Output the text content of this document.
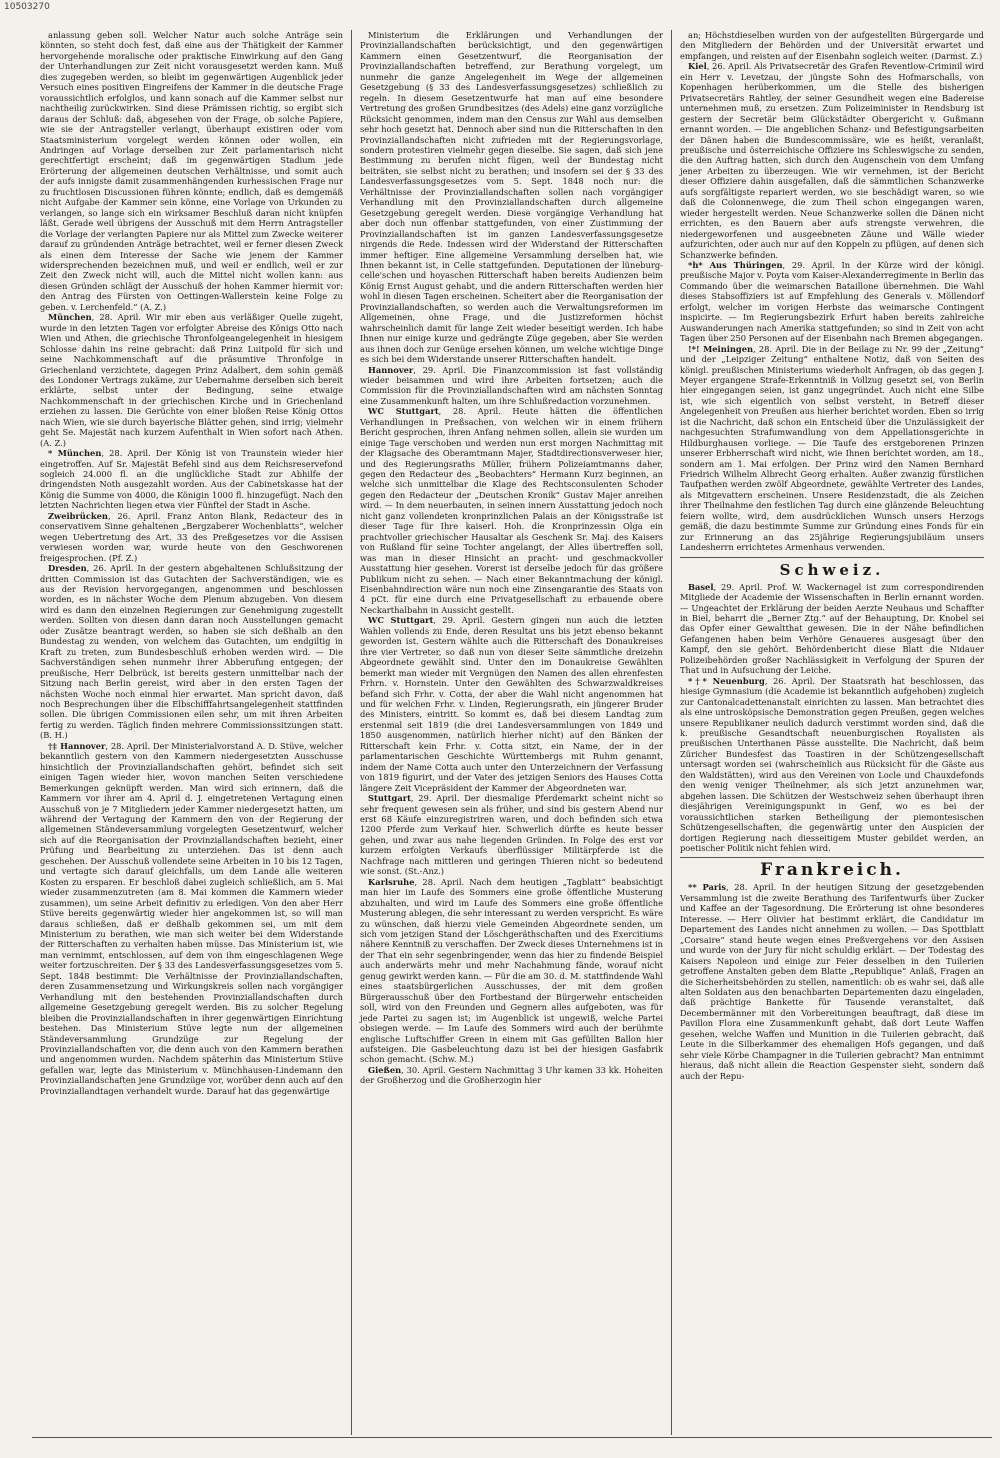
10503270

anlassung geben soll. Welcher Natur auch solche Anträge sein könnten, so steht doch fest, daß eine aus der Thätigkeit der Kammer hervorgehende moralische oder praktische Einwirkung auf den Gang der Unterhandlungen zur Zeit nicht vorausgesetzt werden kann. Muß dies zugegeben werden, so bleibt im gegenwärtigen Augenblick jeder Versuch eines positiven Eingreifens der Kammer in die deutsche Frage voraussichtlich erfolglos, und kann sonach auf die Kammer selbst nur nachtheilig zurückwirken. Sind diese Prämissen richtig, so ergibt sich daraus der Schluß: daß, abgesehen von der Frage, ob solche Papiere, wie sie der Antragsteller verlangt, überhaupt existiren oder vom Staatsministerium vorgelegt werden können oder wollen, ein Andringen auf Vorlage derselben zur Zeit parlamentarisch nicht gerechtfertigt erscheint; daß im gegenwärtigen Stadium jede Erörterung der allgemeinen deutschen Verhältnisse, und somit auch der aufs innigste damit zusammenhängenden kurhessischen Frage nur zu fruchtlosen Discussionen führen könnte; endlich, daß es demgemäß nicht Aufgabe der Kammer sein könne, eine Vorlage von Urkunden zu verlangen, so lange sich ein wirksamer Beschluß daran nicht knüpfen läßt. Gerade weil übrigens der Ausschuß mit dem Herrn Antragsteller die Vorlage der verlangten Papiere nur als Mittel zum Zwecke weiterer darauf zu gründenden Anträge betrachtet, weil er ferner diesen Zweck als einen dem Interesse der Sache wie jenem der Kammer widersprechenden bezeichnen muß, und weil er endlich, weil er zur Zeit den Zweck nicht will, auch die Mittel nicht wollen kann: aus diesen Gründen schlägt der Ausschuß der hohen Kammer hiermit vor: den Antrag des Fürsten von Oettingen-Wallerstein keine Folge zu geben. v. Lerchenfeld.“ (A. Z.)

München, 28. April. Wir mir eben aus verläßiger Quelle zugeht, wurde in den letzten Tagen vor erfolgter Abreise des Königs Otto nach Wien und Athen, die griechische Thronfolgeangelegenheit in hiesigem Schlosse dahin ins reine gebracht: daß Prinz Luitpold für sich und seine Nachkommenschaft auf die präsumtive Thronfolge in Griechenland verzichtete, dagegen Prinz Adalbert, dem sohin gemäß des Londoner Vertrags zukäme, zur Uebernahme derselben sich bereit erklärte, selbst unter der Bedingung, seine etwaige Nachkommenschaft in der griechischen Kirche und in Griechenland erziehen zu lassen. Die Gerüchte von einer bloßen Reise König Ottos nach Wien, wie sie durch bayerische Blätter gehen, sind irrig; vielmehr geht Se. Majestät nach kurzem Aufenthalt in Wien sofort nach Athen. (A. Z.)

* München, 28. April. Der König ist von Traunstein wieder hier eingetroffen. Auf Sr. Majestät Befehl sind aus dem Reichsreservefond sogleich 24.000 fl. an die unglückliche Stadt zur Abhilfe der dringendsten Noth ausgezahlt worden. Aus der Cabinetskasse hat der König die Summe von 4000, die Königin 1000 fl. hinzugefügt. Nach den letzten Nachrichten liegen etwa vier Fünftel der Stadt in Asche.

Zweibrücken, 26. April. Franz Anton Blank, Redacteur des in conservativem Sinne gehaltenen „Bergzaberer Wochenblatts“, welcher wegen Uebertretung des Art. 33 des Preßgesetzes vor die Assisen verwiesen worden war, wurde heute von den Geschworenen freigesprochen. (Pf. Z.)

Dresden, 26. April. In der gestern abgehaltenen Schlußsitzung der dritten Commission ist das Gutachten der Sachverständigen, wie es aus der Revision hervorgegangen, angenommen und beschlossen worden, es in nächster Woche dem Plenum abzugeben. Von diesem wird es dann den einzelnen Regierungen zur Genehmigung zugestellt werden. Sollten von diesen dann daran noch Ausstellungen gemacht oder Zusätze beantragt werden, so haben sie sich deßhalb an den Bundestag zu wenden, von welchem das Gutachten, um endgiltig in Kraft zu treten, zum Bundesbeschluß erhoben werden wird. — Die Sachverständigen sehen nunmehr ihrer Abberufung entgegen; der preußische, Herr Delbrück, ist bereits gestern unmittelbar nach der Sitzung nach Berlin gereist, wird aber in den ersten Tagen der nächsten Woche noch einmal hier erwartet. Man spricht davon, daß noch Besprechungen über die Elbschifffahrtsangelegenheit stattfinden sollen. Die übrigen Commissionen eilen sehr, um mit ihren Arbeiten fertig zu werden. Täglich finden mehrere Commissionssitzungen statt. (B. H.)

†‡ Hannover, 28. April. Der Ministerialvorstand A. D. Stüve, welcher bekanntlich gestern von den Kammern niedergesetzten Ausschusse hinsichtlich der Provinziallandschaften gehört, befindet sich seit einigen Tagen wieder hier, wovon manchen Seiten verschiedene Bemerkungen geknüpft werden. Man wird sich erinnern, daß die Kammern vor ihrer am 4. April d. J. eingetretenen Vertagung einen Ausschuß von je 7 Mitgliedern jeder Kammer niedergesetzt hatten, um während der Vertagung der Kammern den von der Regierung der allgemeinen Ständeversammlung vorgelegten Gesetzentwurf, welcher sich auf die Reorganisation der Provinziallandschaften bezieht, einer Prüfung und Bearbeitung zu unterziehen. Das ist denn auch geschehen. Der Ausschuß vollendete seine Arbeiten in 10 bis 12 Tagen, und vertagte sich darauf gleichfalls, um dem Lande alle weiteren Kosten zu ersparen. Er beschloß dabei zugleich schließlich, am 5. Mai wieder zusammenzutreten (am 8. Mai kommen die Kammern wieder zusammen), um seine Arbeit definitiv zu erledigen. Von den aber Herr Stüve bereits gegenwärtig wieder hier angekommen ist, so will man daraus schließen, daß er deßhalb gekommen sei, um mit dem Ministerium zu berathen, wie man sich weiter bei dem Widerstande der Ritterschaften zu verhalten haben müsse. Das Ministerium ist, wie man vernimmt, entschlossen, auf dem von ihm eingeschlagenen Wege weiter fortzuschreiten. Der § 33 des Landesverfassungsgesetzes vom 5. Sept. 1848 bestimmt: Die Verhältnisse der Provinziallandschaften, deren Zusammensetzung und Wirkungskreis sollen nach vorgängiger Verhandlung mit den bestehenden Provinziallandschaften durch allgemeine Gesetzgebung geregelt werden. Bis zu solcher Regelung bleiben die Provinziallandschaften in ihrer gegenwärtigen Einrichtung bestehen. Das Ministerium Stüve legte nun der allgemeinen Ständeversammlung Grundzüge zur Regelung der Provinziallandschaften vor, die denn auch von den Kammern berathen und angenommen wurden. Nachdem späterhin das Ministerium Stüve gefallen war, legte das Ministerium v. Münchhausen-Lindemann den Provinziallandschaften jene Grundzüge vor, worüber denn auch auf den Provinziallandtagen verhandelt wurde. Darauf hat das gegenwärtige

Ministerium die Erklärungen und Verhandlungen der Provinziallandschaften berücksichtigt, und den gegenwärtigen Kammern einen Gesetzentwurf, die Reorganisation der Provinziallandschaften betreffend, zur Berathung vorgelegt, um nunmehr die ganze Angelegenheit im Wege der allgemeinen Gesetzgebung (§ 33 des Landesverfassungsgesetzes) schließlich zu regeln. In diesem Gesetzentwurfe hat man auf eine besondere Vertretung des großen Grundbesitzes (des Adels) eine ganz vorzügliche Rücksicht genommen, indem man den Census zur Wahl aus demselben sehr hoch gesetzt hat. Dennoch aber sind nun die Ritterschaften in den Provinziallandschaften nicht zufrieden mit der Regierungsvorlage, sondern protestiren vielmehr gegen dieselbe. Sie sagen, daß sich jene Bestimmung zu berufen nicht fügen, weil der Bundestag nicht beiträten, sie selbst nicht zu berathen; und insofern sei der § 33 des Landesverfassungsgesetzes vom 5. Sept. 1848 noch nur: die Verhältnisse der Provinziallandschaften sollen nach vorgängiger Verhandlung mit den Provinziallandschaften durch allgemeine Gesetzgebung geregelt werden. Diese vorgängige Verhandlung hat aber doch nun offenbar stattgefunden, von einer Zustimmung der Provinziallandschaften ist im ganzen Landesverfassungsgesetze nirgends die Rede. Indessen wird der Widerstand der Ritterschaften immer heftiger. Eine allgemeine Versammlung derselben hat, wie Ihnen bekannt ist, in Celle stattgefunden. Deputationen der lüneburg-celle'schen und hoyaschen Ritterschaft haben bereits Audienzen beim König Ernst August gehabt, und die andern Ritterschaften werden hier wohl in diesen Tagen erscheinen. Scheitert aber die Reorganisation der Provinziallandschaften, so werden auch die Verwaltungsreformen im Allgemeinen, ohne Frage, und die Justizreformen höchst wahrscheinlich damit für lange Zeit wieder beseitigt werden. Ich habe Ihnen nur einige kurze und gedrängte Züge gegeben, aber Sie werden aus ihnen doch zur Genüge ersehen können, um welche wichtige Dinge es sich bei dem Widerstande unserer Ritterschaften handelt.

Hannover, 29. April. Die Finanzcommission ist fast vollständig wieder beisammen und wird ihre Arbeiten fortsetzen; auch die Commission für die Provinziallandschaften wird am nächsten Sonntag eine Zusammenkunft halten, um ihre Schlußredaction vorzunehmen.

WC Stuttgart, 28. April. Heute hätten die öffentlichen Verhandlungen in Preßsachen, von welchen wir in einem frühern Bericht gesprochen, ihren Anfang nehmen sollen, allein sie wurden um einige Tage verschoben und werden nun erst morgen Nachmittag mit der Klagsache des Oberamtmann Majer, Stadtdirectionsverweser hier, und des Regierungsraths Müller, frühern Polizeiamtmanns daher, gegen den Redacteur des „Beobachters“ Hermann Kurz beginnen, an welche sich unmittelbar die Klage des Rechtsconsulenten Schoder gegen den Redacteur der „Deutschen Kronik“ Gustav Majer anreihen wird. — In dem neuerbauten, in seinen innern Ausstattung jedoch noch nicht ganz vollendeten kronprinzlichen Palais an der Königsstraße ist dieser Tage für Ihre kaiserl. Hoh. die Kronprinzessin Olga ein prachtvoller griechischer Hausaltar als Geschenk Sr. Maj. des Kaisers von Rußland für seine Tochter angelangt, der Alles übertreffen soll, was man in dieser Hinsicht an pracht- und geschmackvoller Ausstattung hier gesehen. Vorerst ist derselbe jedoch für das größere Publikum nicht zu sehen. — Nach einer Bekanntmachung der königl. Eisenbahndirection wäre nun noch eine Zinsengarantie des Staats von 4 pCt. für eine durch eine Privatgesellschaft zu erbauende obere Neckarthalbahn in Aussicht gestellt.

WC Stuttgart, 29. April. Gestern gingen nun auch die letzten Wahlen vollends zu Ende, deren Resultat uns bis jetzt ebenso bekannt geworden ist. Gestern wählte auch die Ritterschaft des Donaukreises ihre vier Vertreter, so daß nun von dieser Seite sämmtliche dreizehn Abgeordnete gewählt sind. Unter den im Donaukreise Gewählten bemerkt man wieder mit Vergnügen den Namen des allen ehrenfesten Frhrn. v. Hornstein. Unter den Gewählten des Schwarzwaldkreises befand sich Frhr. v. Cotta, der aber die Wahl nicht angenommen hat und für welchen Frhr. v. Linden, Regierungsrath, ein jüngerer Bruder des Ministers, eintritt. So kommt es, daß bei diesem Landtag zum erstenmal seit 1819 (die drei Landesversammlungen von 1849 und 1850 ausgenommen, natürlich hierher nicht) auf den Bänken der Ritterschaft kein Frhr. v. Cotta sitzt, ein Name, der in der parlamentarischen Geschichte Württembergs mit Ruhm genannt, indem der Name Cotta auch unter den Unterzeichnern der Verfassung von 1819 figurirt, und der Vater des jetzigen Seniors des Hauses Cotta längere Zeit Vicepräsident der Kammer der Abgeordneten war.

Stuttgart, 29. April. Der diesmalige Pferdemarkt scheint nicht so sehr frequent gewesen sein als früher, und sind bis gestern Abend nur erst 68 Käufe einzuregistriren waren, und doch befinden sich etwa 1200 Pferde zum Verkauf hier. Schwerlich dürfte es heute besser gehen, und zwar aus nahe liegenden Gründen. In Folge des erst vor kurzem erfolgten Verkaufs überflüssiger Militärpferde ist die Nachfrage nach mittleren und geringen Thieren nicht so bedeutend wie sonst. (St.-Anz.)

Karlsruhe, 28. April. Nach dem heutigen „Tagblatt“ beabsichtigt man hier im Laufe des Sommers eine große öffentliche Musterung abzuhalten, und wird im Laufe des Sommers eine große öffentliche Musterung ablegen, die sehr interessant zu werden verspricht. Es wäre zu wünschen, daß hierzu viele Gemeinden Abgeordnete senden, um sich vom jetzigen Stand der Löschgeräthschaften und des Exercitiums nähere Kenntniß zu verschaffen. Der Zweck dieses Unternehmens ist in der That ein sehr segenbringender, wenn das hier zu findende Beispiel auch anderwärts mehr und mehr Nachahmung fände, worauf nicht genug gewirkt werden kann. — Für die am 30. d. M. stattfindende Wahl eines staatsbürgerlichen Ausschusses, der mit dem großen Bürgerausschuß über den Fortbestand der Bürgerwehr entscheiden soll, wird von den Freunden und Gegnern alles aufgeboten, was für jede Partei zu sagen ist; im Augenblick ist ungewiß, welche Partei obsiegen werde. — Im Laufe des Sommers wird auch der berühmte englische Luftschiffer Green in einem mit Gas gefüllten Ballon hier aufsteigen. Die Gasbeleuchtung dazu ist bei der hiesigen Gasfabrik schon gemacht. (Schw. M.)

Gießen, 30. April. Gestern Nachmittag 3 Uhr kamen 33 kk. Hoheiten der Großherzog und die Großherzogin hier

an; Höchstdieselben wurden von der aufgestellten Bürgergarde und den Mitgliedern der Behörden und der Universität erwartet und empfangen, und reisten auf der Eisenbahn sogleich weiter. (Darmst. Z.)

Kiel, 26. April. Als Privatsecretär des Grafen Reventlow-Criminil wird ein Herr v. Levetzau, der jüngste Sohn des Hofmarschalls, von Kopenhagen herüberkommen, um die Stelle des bisherigen Privatsecretärs Rahtley, der seiner Gesundheit wegen eine Badereise unternehmen muß, zu ersetzen. Zum Polizeiminister in Rendsburg ist gestern der Secretär beim Glückstädter Obergericht v. Gußmann ernannt worden. — Die angeblichen Schanz- und Befestigungsarbeiten der Dänen haben die Bundescommissäre, wie es heißt, veranlaßt, preußische und österreichische Offiziere ins Schleswigsche zu senden, die den Auftrag hatten, sich durch den Augenschein von dem Umfang jener Arbeiten zu überzeugen. Wie wir vernehmen, ist der Bericht dieser Offiziere dahin ausgefallen, daß die sämmtlichen Schanzwerke aufs sorgfältigste repariert werden, wo sie beschädigt waren, so wie daß die Colonnenwege, die zum Theil schon eingegangen waren, wieder hergestellt werden. Neue Schanzwerke sollen die Dänen nicht errichten, es den Bauern aber aufs strengste verwehren, die niedergeworfenen und ausgeebneten Zäune und Wälle wieder aufzurichten, oder auch nur auf den Koppeln zu pflügen, auf denen sich Schanzwerke befinden.

*h* Aus Thüringen, 29. April. In der Kürze wird der königl. preußische Major v. Poyta vom Kaiser-Alexanderregimente in Berlin das Commando über die weimarschen Bataillone übernehmen. Die Wahl dieses Stabsoffiziers ist auf Empfehlung des Generals v. Möllendorf erfolgt, welcher im vorigen Herbste das weimarsche Contingent inspicirte. — Im Regierungsbezirk Erfurt haben bereits zahlreiche Auswanderungen nach Amerika stattgefunden; so sind in Zeit von acht Tagen über 250 Personen auf der Eisenbahn nach Bremen abgegangen.

!*! Meiningen, 28. April. Die in der Beilage zu Nr. 99 der „Zeitung“ und der „Leipziger Zeitung“ enthaltene Notiz, daß von Seiten des königl. preußischen Ministeriums wiederholt Anfragen, ob das gegen J. Meyer ergangene Strafe-Erkenntniß in Vollzug gesetzt sei, von Berlin hier eingegangen seien, ist ganz ungegründet. Auch nicht eine Silbe ist, wie sich eigentlich von selbst versteht, in Betreff dieser Angelegenheit von Preußen aus hierher berichtet worden. Eben so irrig ist die Nachricht, daß schon ein Entscheid über die Unzulässigkeit der nachgesuchten Strafumwandlung von dem Appellationsgerichte in Hildburghausen vorliege. — Die Taufe des erstgeborenen Prinzen unserer Erbherrschaft wird nicht, wie Ihnen berichtet worden, am 18., sondern am 1. Mai erfolgen. Der Prinz wird den Namen Bernhard Friedrich Wilhelm Albrecht Georg erhalten. Außer zwanzig fürstlichen Taufpathen werden zwölf Abgeordnete, gewählte Vertreter des Landes, als Mitgevattern erscheinen. Unsere Residenzstadt, die als Zeichen ihrer Theilnahme den festlichen Tag durch eine glänzende Beleuchtung feiern wollte, wird, dem ausdrücklichen Wunsch unsers Herzogs gemäß, die dazu bestimmte Summe zur Gründung eines Fonds für ein zur Erinnerung an das 25jährige Regierungsjubiläum unsers Landesherrn errichtetes Armenhaus verwenden.

Schweiz.

Basel, 29. April. Prof. W. Wackernagel ist zum correspondirenden Mitgliede der Academie der Wissenschaften in Berlin ernannt worden. — Ungeachtet der Erklärung der beiden Aerzte Neuhaus und Schaffter in Biel, beharrt die „Berner Ztg.“ auf der Behauptung, Dr. Knobel sei das Opfer einer Gewaltthat gewesen. Die in der Nähe befindlichen Gefangenen haben beim Verhöre Genaueres ausgesagt über den Kampf, den sie gehört. Behördenbericht diese Blatt die Nidauer Polizeibehörden großer Nachlässigkeit in Verfolgung der Spuren der That und in Aufsuchung der Leiche.

*†* Neuenburg, 26. April. Der Staatsrath hat beschlossen, das hiesige Gymnasium (die Academie ist bekanntlich aufgehoben) zugleich zur Cantonalcadettenanstalt einrichten zu lassen. Man betrachtet dies als eine untrosköpsische Demonstration gegen Preußen, gegen welches unsere Republikaner neulich dadurch verstimmt worden sind, daß die k. preußische Gesandtschaft neuenburgischen Royalisten als preußischen Unterthanen Pässe ausstellte. Die Nachricht, daß beim Züricher Bundesfest das Toastiren in der Schützengesellschaft untersagt worden sei (wahrscheinlich aus Rücksicht für die Gäste aus den Waldstätten), wird aus den Vereinen von Locle und Chauxdefonds den wenig veniger Theilnehmer, als sich jetzt anzunehmen war, abgehen lassen. Die Schützen der Westschweiz sehen überhaupt ihren diesjährigen Vereinigungspunkt in Genf, wo es bei der voraussichtlichen starken Betheiligung der piemontesischen Schützengesellschaften, die gegenwärtig unter den Auspicien der dortigen Regierung nach diesseitigem Muster gebildet werden, an poetischer Politik nicht fehlen wird.

Frankreich.

** Paris, 28. April. In der heutigen Sitzung der gesetzgebenden Versammlung ist die zweite Berathung des Tarifentwurfs über Zucker und Kaffee an der Tagesordnung. Die Erörterung ist ohne besonderes Interesse. — Herr Olivier hat bestimmt erklärt, die Candidatur im Departement des Landes nicht annehmen zu wollen. — Das Spottblatt „Corsaire“ stand heute wegen eines Preßvergehens vor den Assisen und wurde von der Jury für nicht schuldig erklärt. — Der Todestag des Kaisers Napoleon und einige zur Feier desselben in den Tuilerien getroffene Anstalten geben dem Blatte „Republique“ Anlaß, Fragen an die Sicherheitsbehörden zu stellen, namentlich: ob es wahr sei, daß alle alten Soldaten aus den benachbarten Departementen dazu eingeladen, daß prächtige Bankette für Tausende veranstaltet, daß Decembermänner mit den Vorbereitungen beauftragt, daß diese im Pavillon Flora eine Zusammenkunft gehabt, daß dort Leute Waffen gesehen, welche Waffen und Munition in die Tuilerien gebracht, daß Leute in die Silberkammer des ehemaligen Hofs gegangen, und daß sehr viele Körbe Champagner in die Tuilerien gebracht? Man entnimmt hieraus, daß nicht allein die Reaction Gespenster sieht, sondern daß auch der Repu-
